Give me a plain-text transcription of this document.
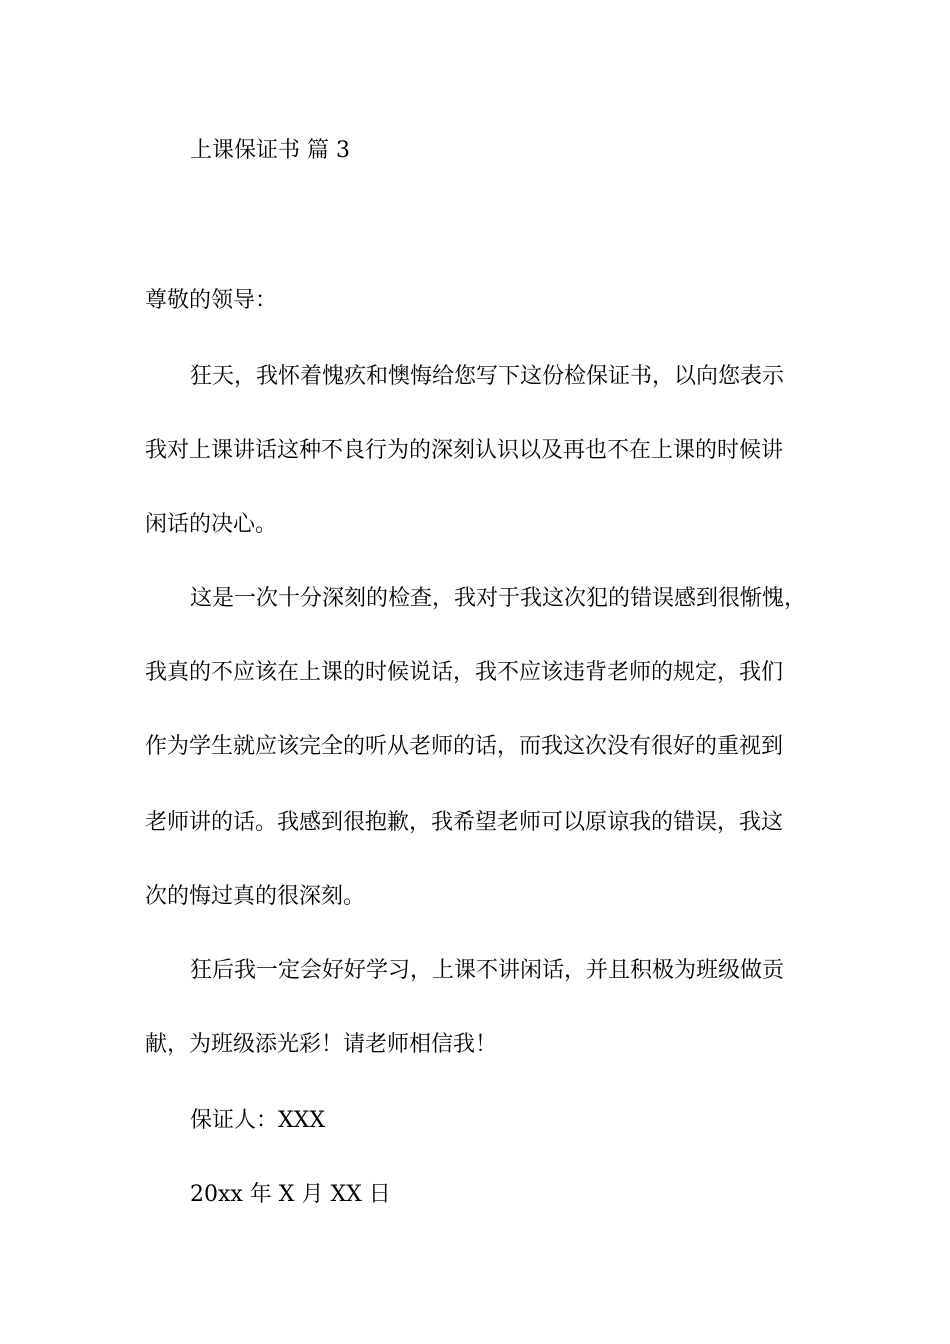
上课保证书 篇 3
尊敬的领导：
狂天，我怀着愧疚和懊悔给您写下这份检保证书，以向您表示
我对上课讲话这种不良行为的深刻认识以及再也不在上课的时候讲
闲话的决心。
这是一次十分深刻的检查，我对于我这次犯的错误感到很惭愧，
我真的不应该在上课的时候说话，我不应该违背老师的规定，我们
作为学生就应该完全的听从老师的话，而我这次没有很好的重视到
老师讲的话。我感到很抱歉，我希望老师可以原谅我的错误，我这
次的悔过真的很深刻。
狂后我一定会好好学习，上课不讲闲话，并且积极为班级做贡
献，为班级添光彩！请老师相信我！
保证人：XXX
20xx 年 X 月 XX 日
